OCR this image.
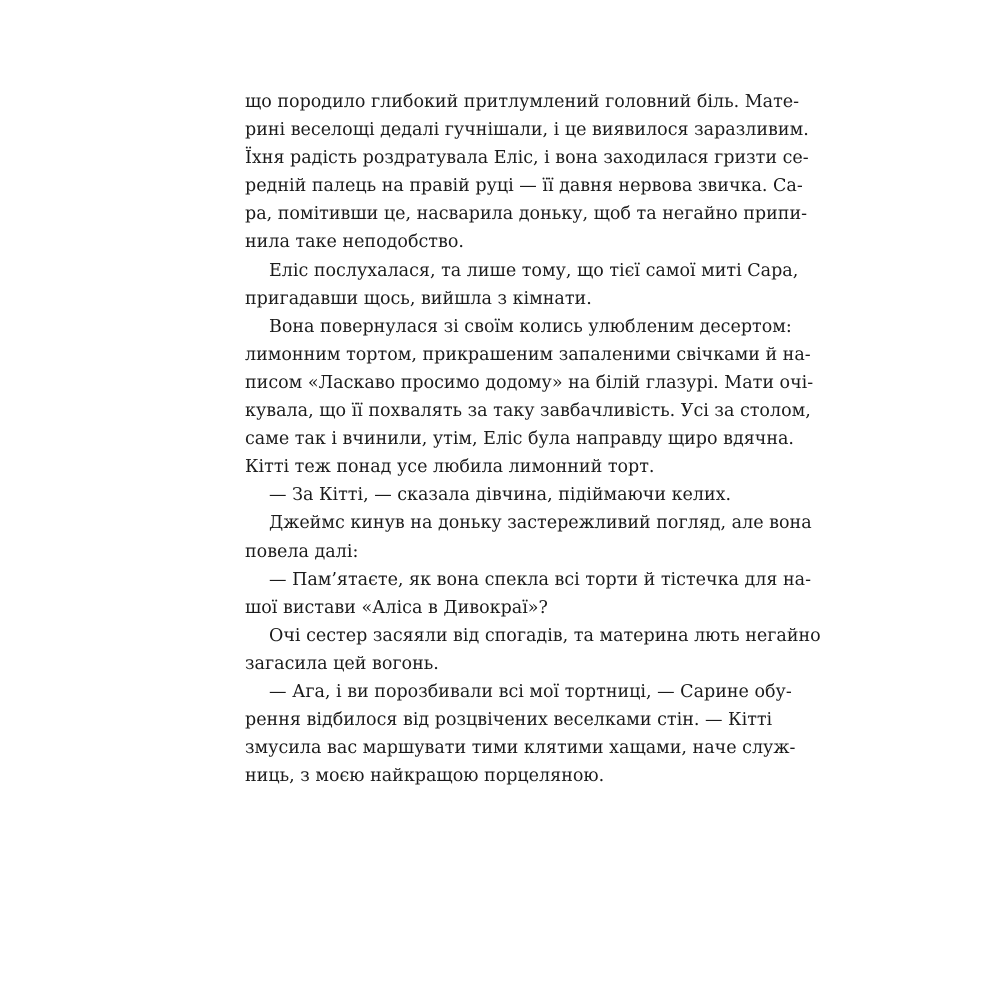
що породило глибокий притлумлений головний біль. Мате-
рині веселощі дедалі гучнішали, і це виявилося заразливим.
Їхня радість роздратувала Еліс, і вона заходилася гризти се-
редній палець на правій руці — її давня нервова звичка. Са-
ра, помітивши це, насварила доньку, щоб та негайно припи-
нила таке неподобство.
Еліс послухалася, та лише тому, що тієї самої миті Сара,
пригадавши щось, вийшла з кімнати.
Вона повернулася зі своїм колись улюбленим десертом:
лимонним тортом, прикрашеним запаленими свічками й на-
писом «Ласкаво просимо додому» на білій глазурі. Мати очі-
кувала, що її похвалять за таку завбачливість. Усі за столом,
саме так і вчинили, утім, Еліс була направду щиро вдячна.
Кітті теж понад усе любила лимонний торт.
— За Кітті, — сказала дівчина, підіймаючи келих.
Джеймс кинув на доньку застережливий погляд, але вона
повела далі:
— Пам’ятаєте, як вона спекла всі торти й тістечка для на-
шої вистави «Аліса в Дивокраї»?
Очі сестер засяяли від спогадів, та материна лють негайно
загасила цей вогонь.
— Ага, і ви порозбивали всі мої тортниці, — Сарине обу-
рення відбилося від розцвічених веселками стін. — Кітті
змусила вас маршувати тими клятими хащами, наче служ-
ниць, з моєю найкращою порцеляною.
